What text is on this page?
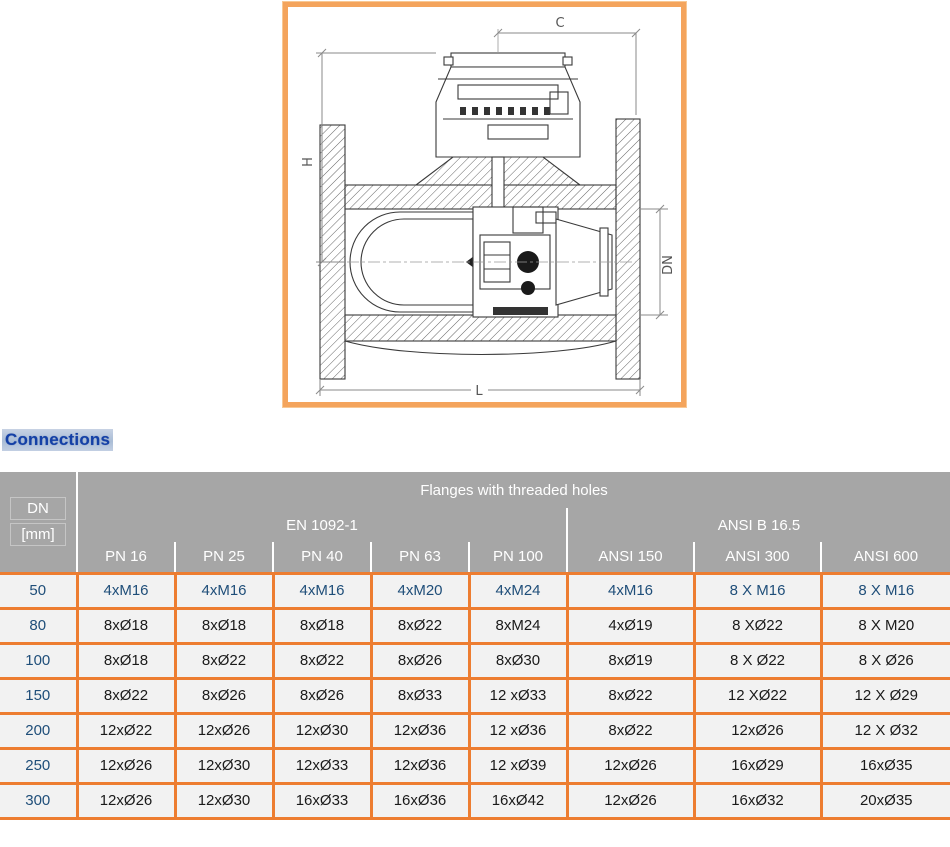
C
H
DN
L
Connections
DN
[mm]	Flanges with threaded holes							
	EN 1092-1					ANSI B 16.5		
	PN 16	PN 25	PN 40	PN 63	PN 100	ANSI 150	ANSI 300	ANSI 600
50	4xM16	4xM16	4xM16	4xM20	4xM24	4xM16	8 X M16	8 X M16
80	8xØ18	8xØ18	8xØ18	8xØ22	8xM24	4xØ19	8 XØ22	8 X M20
100	8xØ18	8xØ22	8xØ22	8xØ26	8xØ30	8xØ19	8 X Ø22	8 X Ø26
150	8xØ22	8xØ26	8xØ26	8xØ33	12 xØ33	8xØ22	12 XØ22	12 X Ø29
200	12xØ22	12xØ26	12xØ30	12xØ36	12 xØ36	8xØ22	12xØ26	12 X Ø32
250	12xØ26	12xØ30	12xØ33	12xØ36	12 xØ39	12xØ26	16xØ29	16xØ35
300	12xØ26	12xØ30	16xØ33	16xØ36	16xØ42	12xØ26	16xØ32	20xØ35
